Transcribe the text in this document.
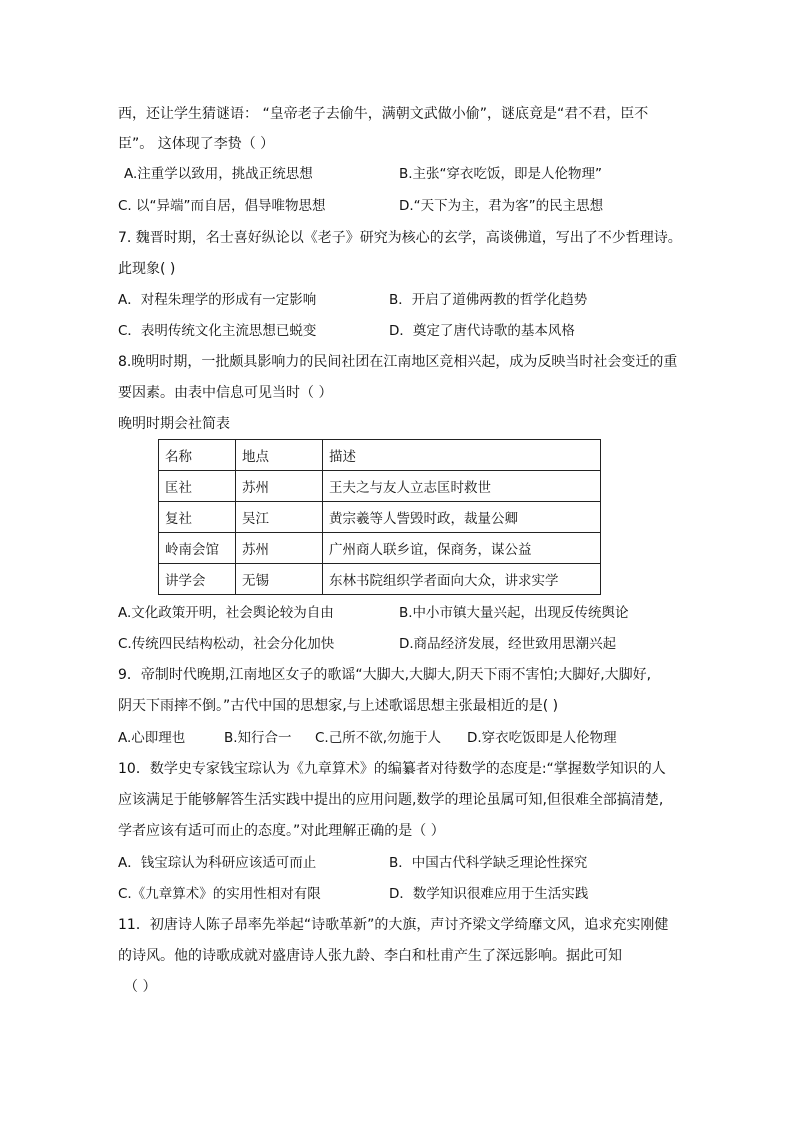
西，还让学生猜谜语： “皇帝老子去偷牛，满朝文武做小偷”，谜底竟是“君不君，臣不
臣”。 这体现了李贽（ ）
A.注重学以致用，挑战正统思想	B.主张“穿衣吃饭，即是人伦物理”
C. 以“异端”而自居，倡导唯物思想	D.“天下为主，君为客”的民主思想
7. 魏晋时期，名士喜好纵论以《老子》研究为核心的玄学，高谈佛道，写出了不少哲理诗。
此现象( )
A．对程朱理学的形成有一定影响	B．开启了道佛两教的哲学化趋势
C．表明传统文化主流思想已蜕变	D．奠定了唐代诗歌的基本风格
8.晚明时期，一批颇具影响力的民间社团在江南地区竞相兴起，成为反映当时社会变迁的重
要因素。由表中信息可见当时（ ）
晚明时期会社简表
名称	地点	描述
匡社	苏州	王夫之与友人立志匡时救世
复社	吴江	黄宗羲等人訾毁时政，裁量公卿
岭南会馆	苏州	广州商人联乡谊，保商务，谋公益
讲学会	无锡	东林书院组织学者面向大众，讲求实学
A.文化政策开明，社会舆论较为自由	B.中小市镇大量兴起，出现反传统舆论
C.传统四民结构松动，社会分化加快	D.商品经济发展，经世致用思潮兴起
9．帝制时代晚期,江南地区女子的歌谣“大脚大,大脚大,阴天下雨不害怕;大脚好,大脚好,
阴天下雨摔不倒。”古代中国的思想家,与上述歌谣思想主张最相近的是( )
A.心即理也	B.知行合一 C.己所不欲,勿施于人 D.穿衣吃饭即是人伦物理
10．数学史专家钱宝琮认为《九章算术》的编纂者对待数学的态度是:“掌握数学知识的人
应该满足于能够解答生活实践中提出的应用问题,数学的理论虽属可知,但很难全部搞清楚,
学者应该有适可而止的态度。”对此理解正确的是（ ）
A．钱宝琮认为科研应该适可而止	B．中国古代科学缺乏理论性探究
C.《九章算术》的实用性相对有限	D．数学知识很难应用于生活实践
11．初唐诗人陈子昂率先举起“诗歌革新”的大旗，声讨齐梁文学绮靡文风，追求充实刚健
的诗风。他的诗歌成就对盛唐诗人张九龄、李白和杜甫产生了深远影响。据此可知
（ ）
